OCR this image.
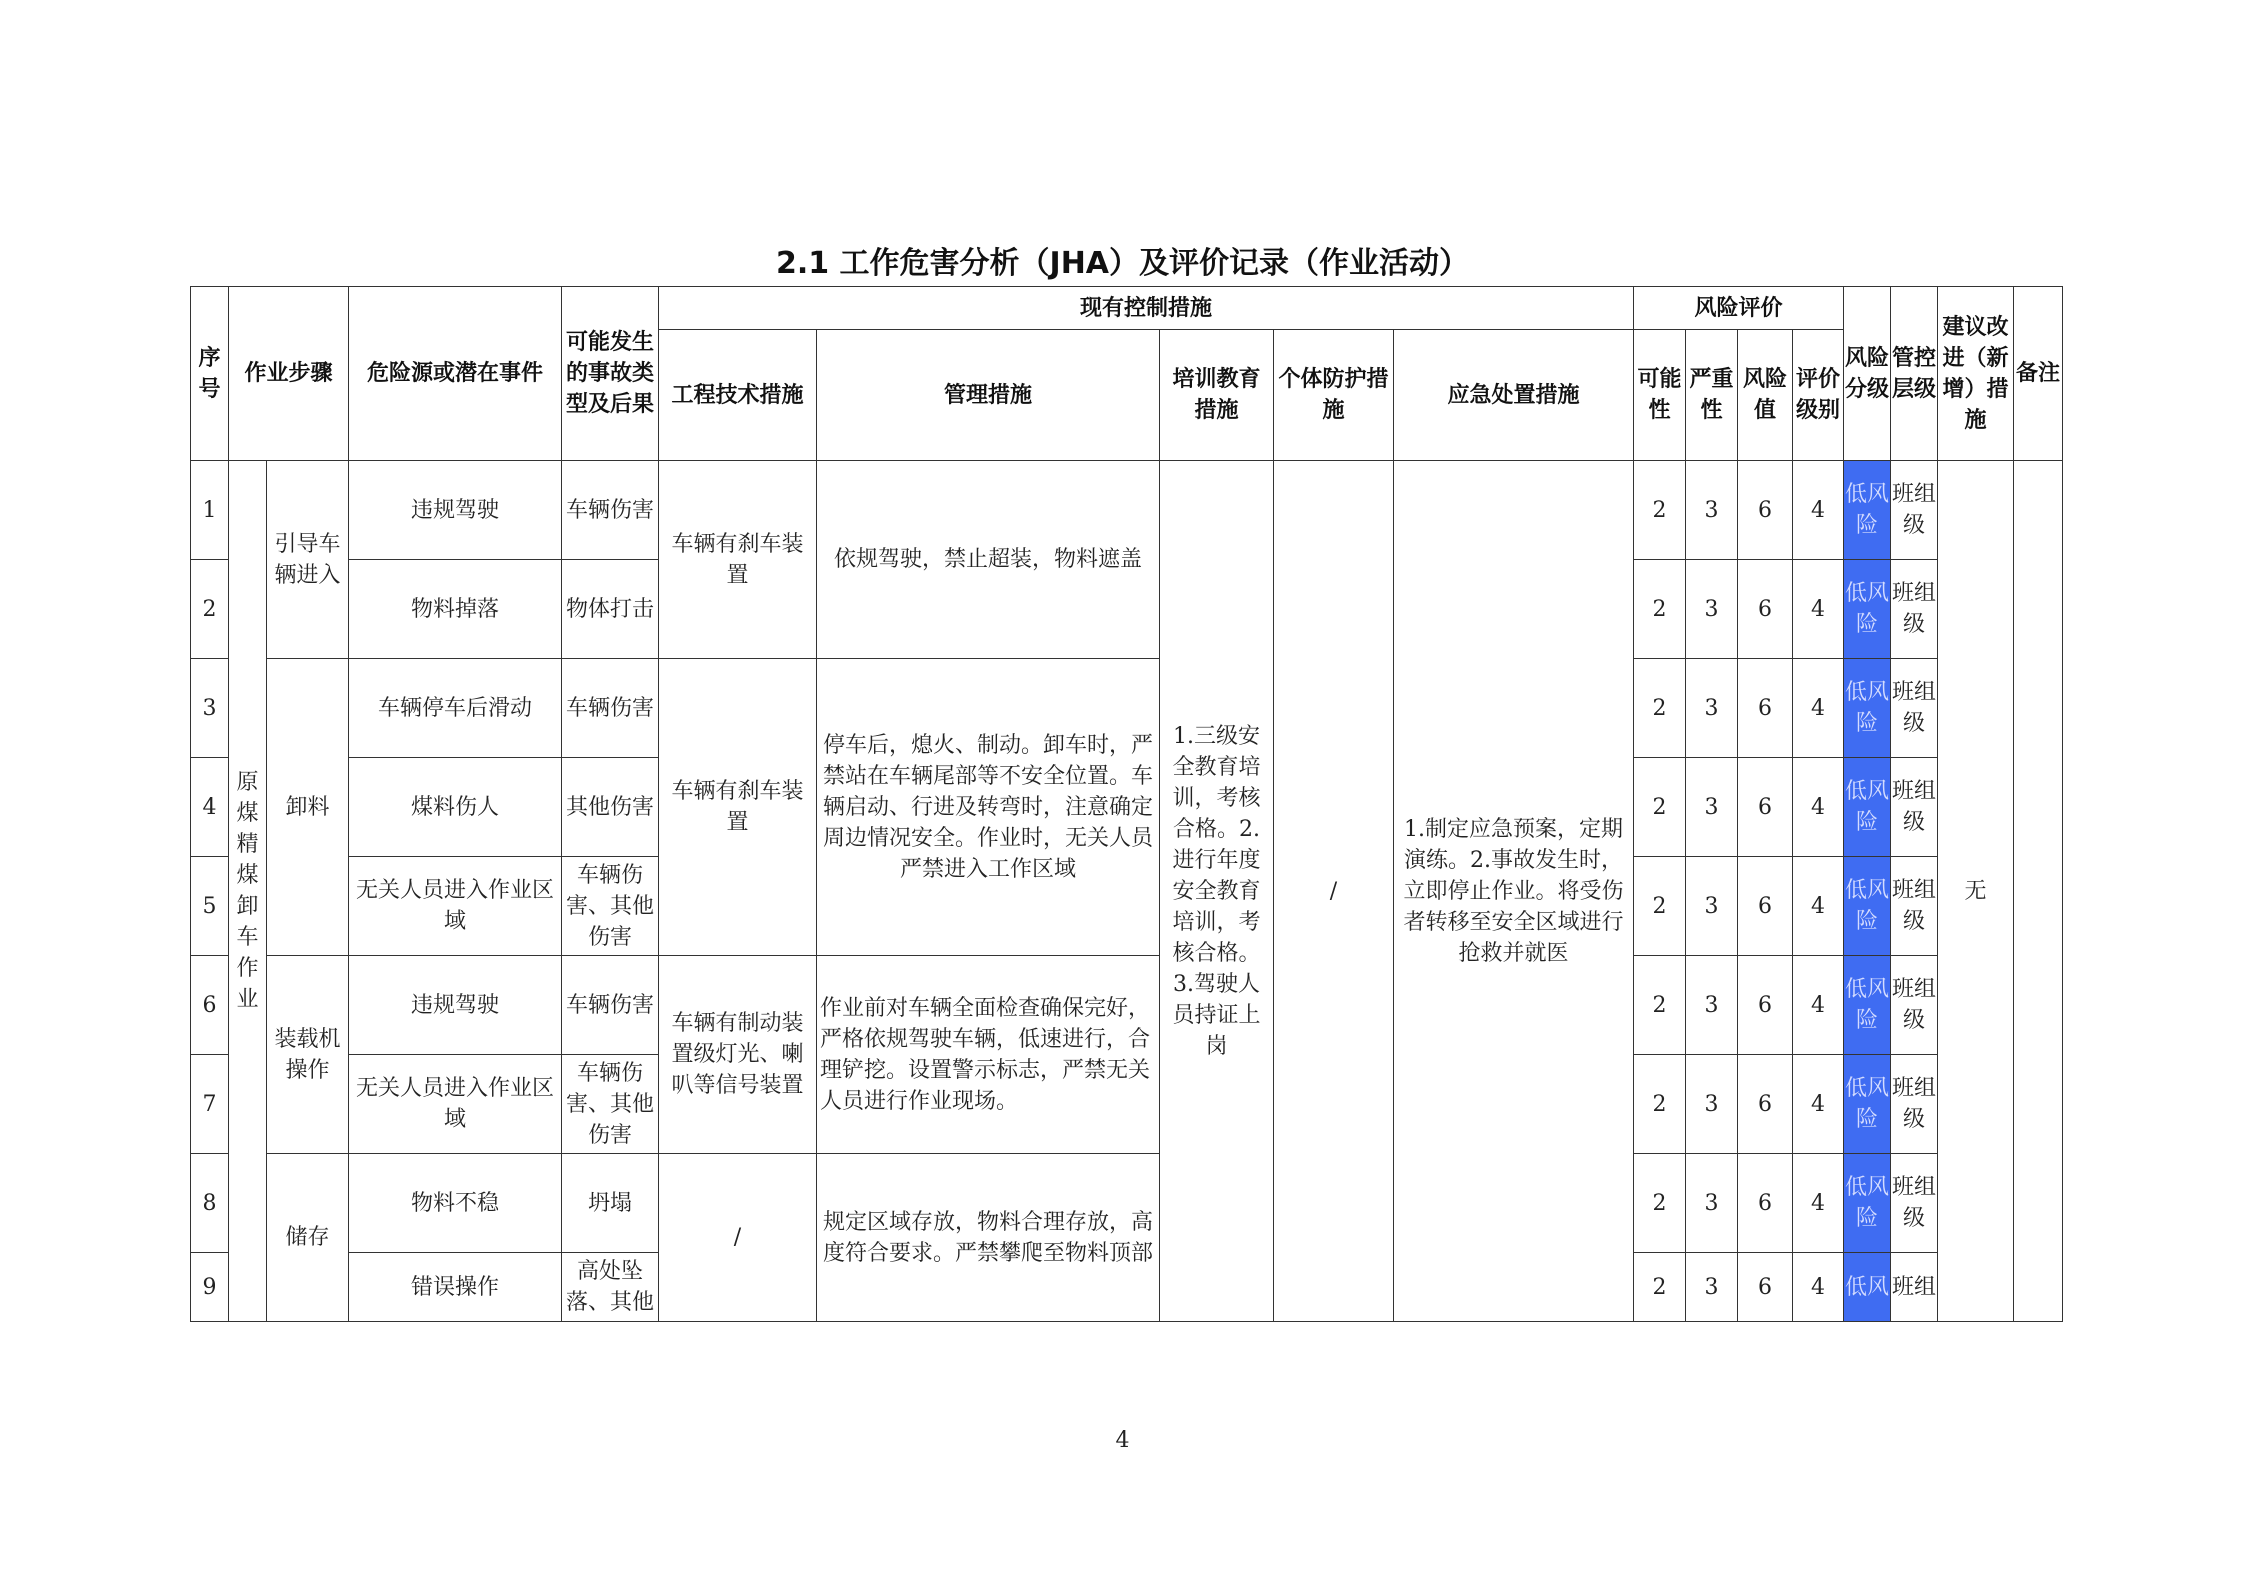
2.1 工作危害分析（JHA）及评价记录（作业活动）
序号	作业步骤		危险源或潜在事件	可能发生的事故类型及后果	现有控制措施					风险评价				风险分级	管控层级	建议改进（新增）措施	备注
					工程技术措施	管理措施	培训教育措施	个体防护措施	应急处置措施	可能性	严重性	风险值	评价级别				
1	原煤精煤卸车作业	引导车辆进入	违规驾驶	车辆伤害	车辆有刹车装置	依规驾驶，禁止超装，物料遮盖	1.三级安全教育培训，考核合格。2.进行年度安全教育培训，考核合格。3.驾驶人员持证上岗	/	1.制定应急预案，定期演练。2.事故发生时，立即停止作业。将受伤者转移至安全区域进行抢救并就医	2	3	6	4	低风险	班组级	无	
2			物料掉落	物体打击						2	3	6	4	低风险	班组级		
3		卸料	车辆停车后滑动	车辆伤害	车辆有刹车装置	停车后，熄火、制动。卸车时，严禁站在车辆尾部等不安全位置。车辆启动、行进及转弯时，注意确定周边情况安全。作业时，无关人员严禁进入工作区域				2	3	6	4	低风险	班组级		
4			煤料伤人	其他伤害						2	3	6	4	低风险	班组级		
5			无关人员进入作业区域	车辆伤害、其他伤害						2	3	6	4	低风险	班组级		
6		装载机操作	违规驾驶	车辆伤害	车辆有制动装置级灯光、喇叭等信号装置	作业前对车辆全面检查确保完好，严格依规驾驶车辆，低速进行，合理铲挖。设置警示标志，严禁无关人员进行作业现场。				2	3	6	4	低风险	班组级		
7			无关人员进入作业区域	车辆伤害、其他伤害						2	3	6	4	低风险	班组级		
8		储存	物料不稳	坍塌	/	规定区域存放，物料合理存放，高度符合要求。严禁攀爬至物料顶部				2	3	6	4	低风险	班组级		
9			错误操作	高处坠落、其他						2	3	6	4	低风	班组		
4
